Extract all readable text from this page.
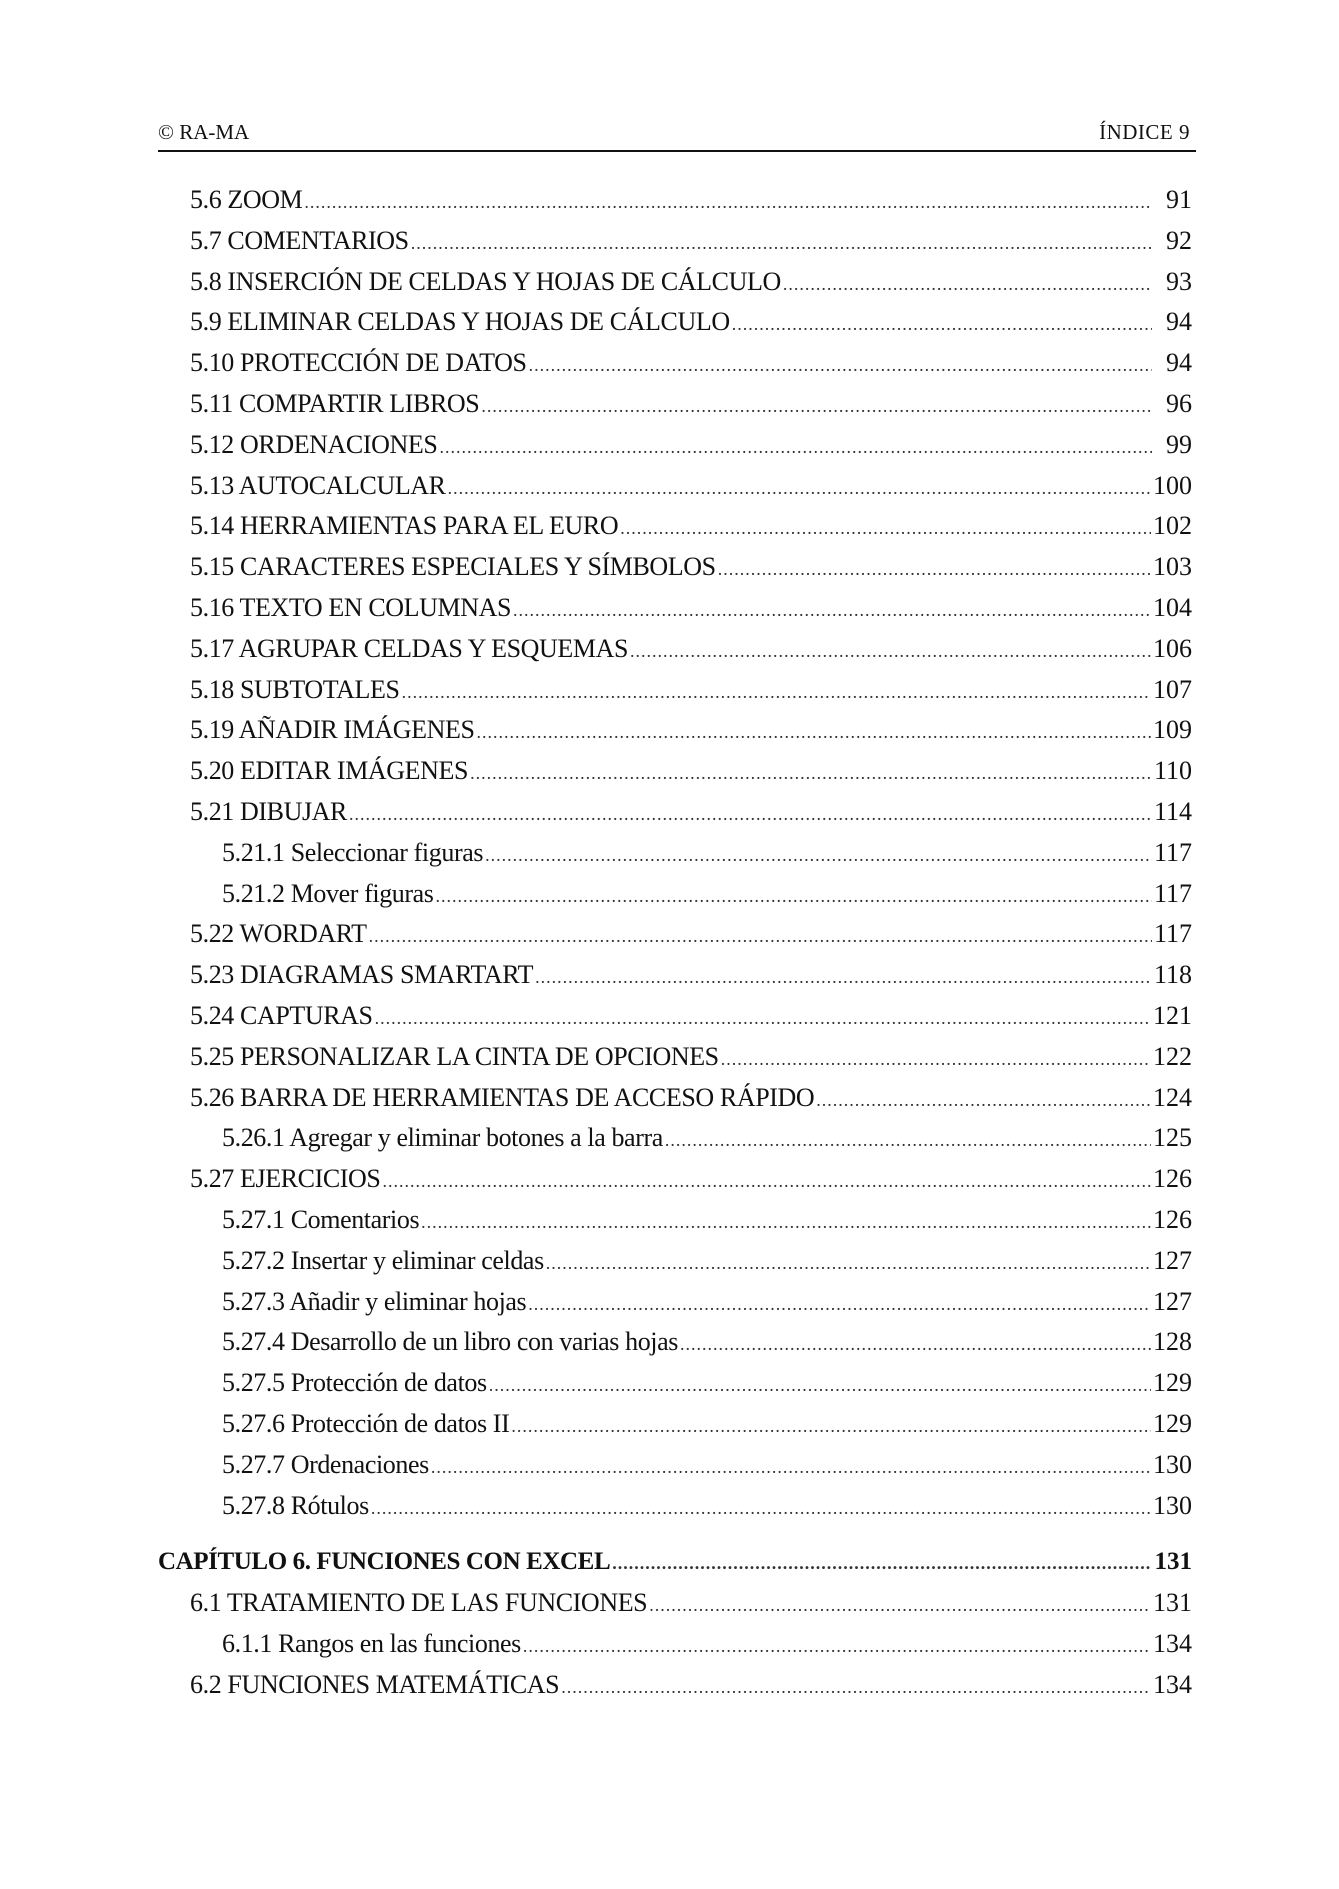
© RA-MA	ÍNDICE 9
5.6 ZOOM .....	91
5.7 COMENTARIOS .....	92
5.8 INSERCIÓN DE CELDAS Y HOJAS DE CÁLCULO .....	93
5.9 ELIMINAR CELDAS Y HOJAS DE CÁLCULO .....	94
5.10 PROTECCIÓN DE DATOS .....	94
5.11 COMPARTIR LIBROS .....	96
5.12 ORDENACIONES .....	99
5.13 AUTOCALCULAR .....	100
5.14 HERRAMIENTAS PARA EL EURO .....	102
5.15 CARACTERES ESPECIALES Y SÍMBOLOS .....	103
5.16 TEXTO EN COLUMNAS .....	104
5.17 AGRUPAR CELDAS Y ESQUEMAS .....	106
5.18 SUBTOTALES .....	107
5.19 AÑADIR IMÁGENES .....	109
5.20 EDITAR IMÁGENES .....	110
5.21 DIBUJAR .....	114
5.21.1 Seleccionar figuras .....	117
5.21.2 Mover figuras .....	117
5.22 WORDART .....	117
5.23 DIAGRAMAS SMARTART .....	118
5.24 CAPTURAS .....	121
5.25 PERSONALIZAR LA CINTA DE OPCIONES .....	122
5.26 BARRA DE HERRAMIENTAS DE ACCESO RÁPIDO .....	124
5.26.1 Agregar y eliminar botones a la barra .....	125
5.27 EJERCICIOS .....	126
5.27.1 Comentarios .....	126
5.27.2 Insertar y eliminar celdas .....	127
5.27.3 Añadir y eliminar hojas .....	127
5.27.4 Desarrollo de un libro con varias hojas .....	128
5.27.5 Protección de datos .....	129
5.27.6 Protección de datos II .....	129
5.27.7 Ordenaciones .....	130
5.27.8 Rótulos .....	130
CAPÍTULO 6. FUNCIONES CON EXCEL .....	131
6.1 TRATAMIENTO DE LAS FUNCIONES .....	131
6.1.1 Rangos en las funciones .....	134
6.2 FUNCIONES MATEMÁTICAS .....	134
